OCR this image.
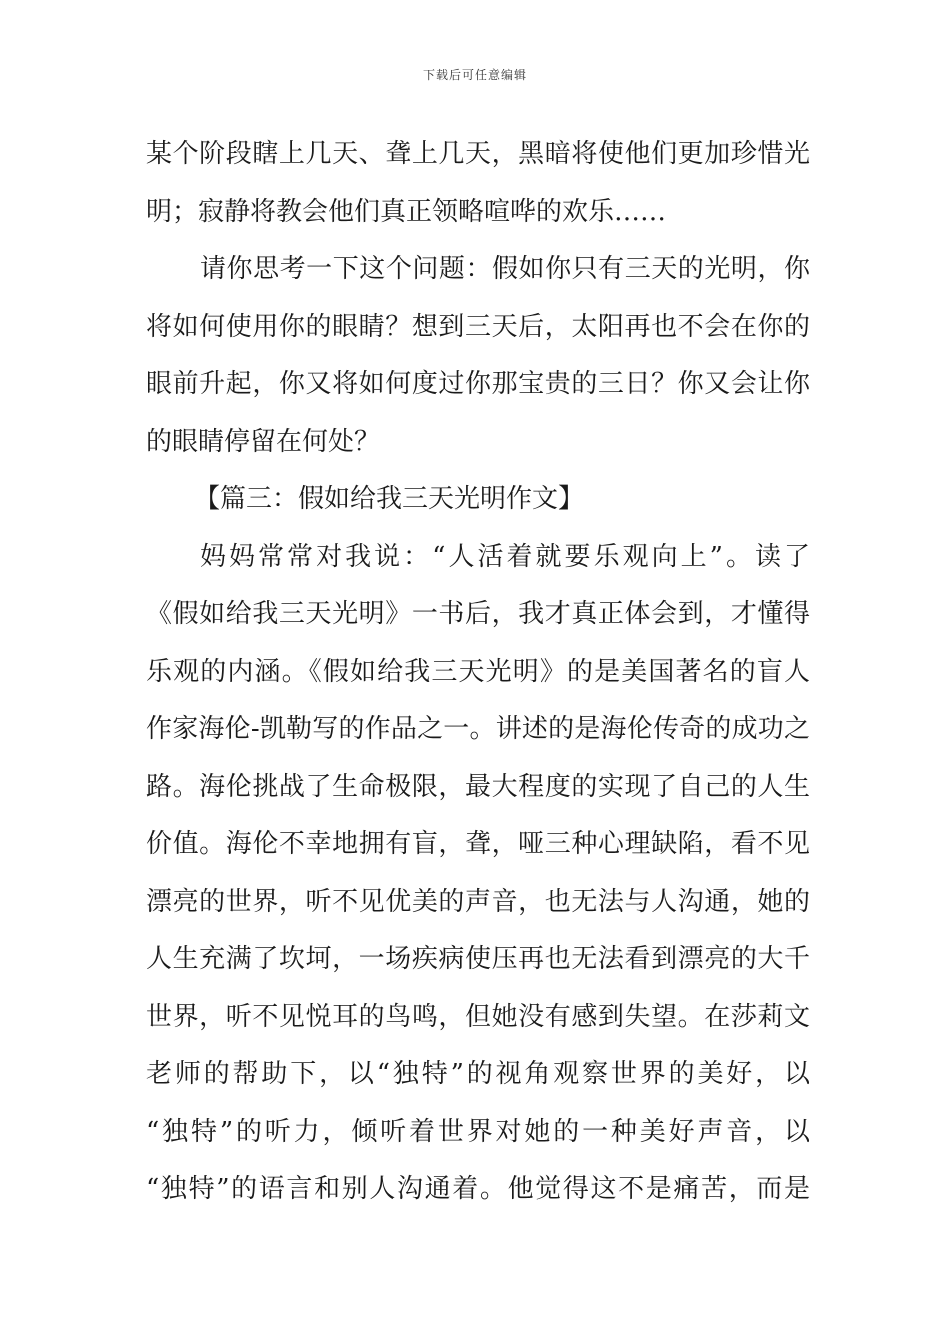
下载后可任意编辑
某个阶段瞎上几天、聋上几天，黑暗将使他们更加珍惜光
明；寂静将教会他们真正领略喧哗的欢乐……
请你思考一下这个问题：假如你只有三天的光明，你
将如何使用你的眼睛？想到三天后，太阳再也不会在你的
眼前升起，你又将如何度过你那宝贵的三日？你又会让你
的眼睛停留在何处？
【篇三：假如给我三天光明作文】
妈妈常常对我说：“人活着就要乐观向上”。读了
《假如给我三天光明》一书后，我才真正体会到，才懂得
乐观的内涵。《假如给我三天光明》的是美国著名的盲人
作家海伦-凯勒写的作品之一。讲述的是海伦传奇的成功之
路。海伦挑战了生命极限，最大程度的实现了自己的人生
价值。海伦不幸地拥有盲，聋，哑三种心理缺陷，看不见
漂亮的世界，听不见优美的声音，也无法与人沟通，她的
人生充满了坎坷，一场疾病使压再也无法看到漂亮的大千
世界，听不见悦耳的鸟鸣，但她没有感到失望。在莎莉文
老师的帮助下，以“独特”的视角观察世界的美好，以
“独特”的听力，倾听着世界对她的一种美好声音，以
“独特”的语言和别人沟通着。他觉得这不是痛苦，而是
